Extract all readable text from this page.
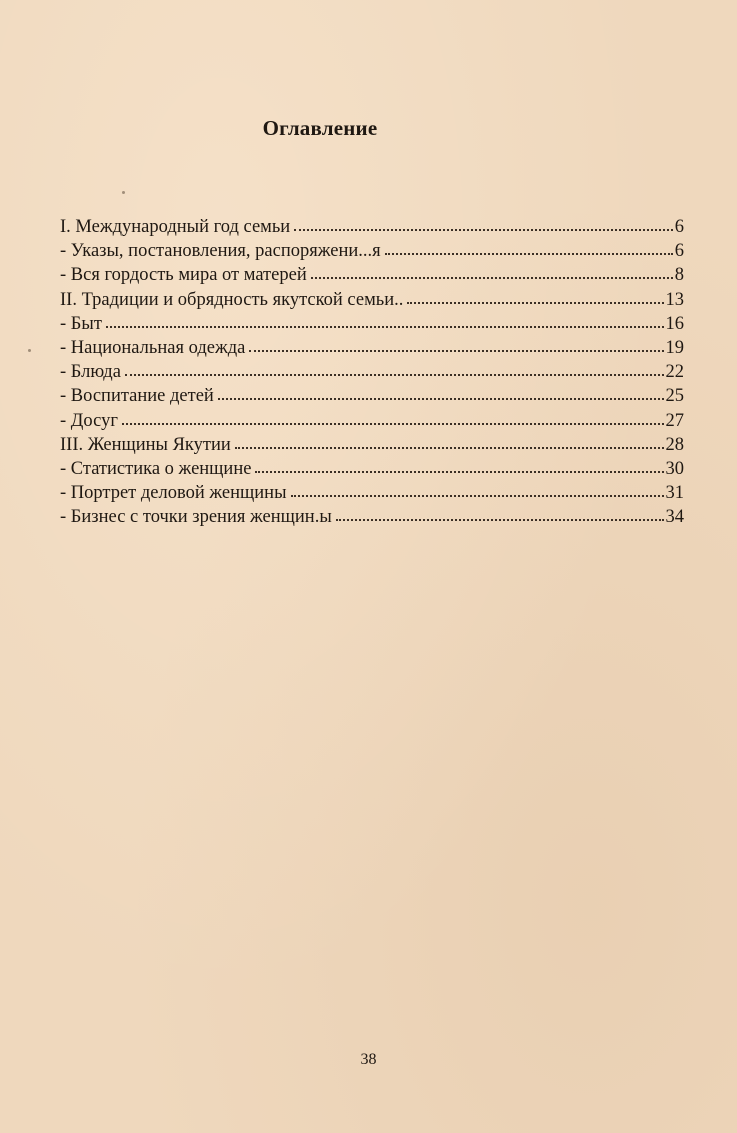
Оглавление
I. Международный год семьи	6
- Указы, постановления, распоряжени...я	6
- Вся гордость мира от матерей	8
II. Традиции и обрядность якутской семьи..	13
- Быт	16
- Национальная одежда	19
- Блюда	22
- Воспитание детей	25
- Досуг	27
III. Женщины Якутии	28
- Статистика о женщине	30
- Портрет деловой женщины	31
- Бизнес с точки зрения женщин.ы	34
38
